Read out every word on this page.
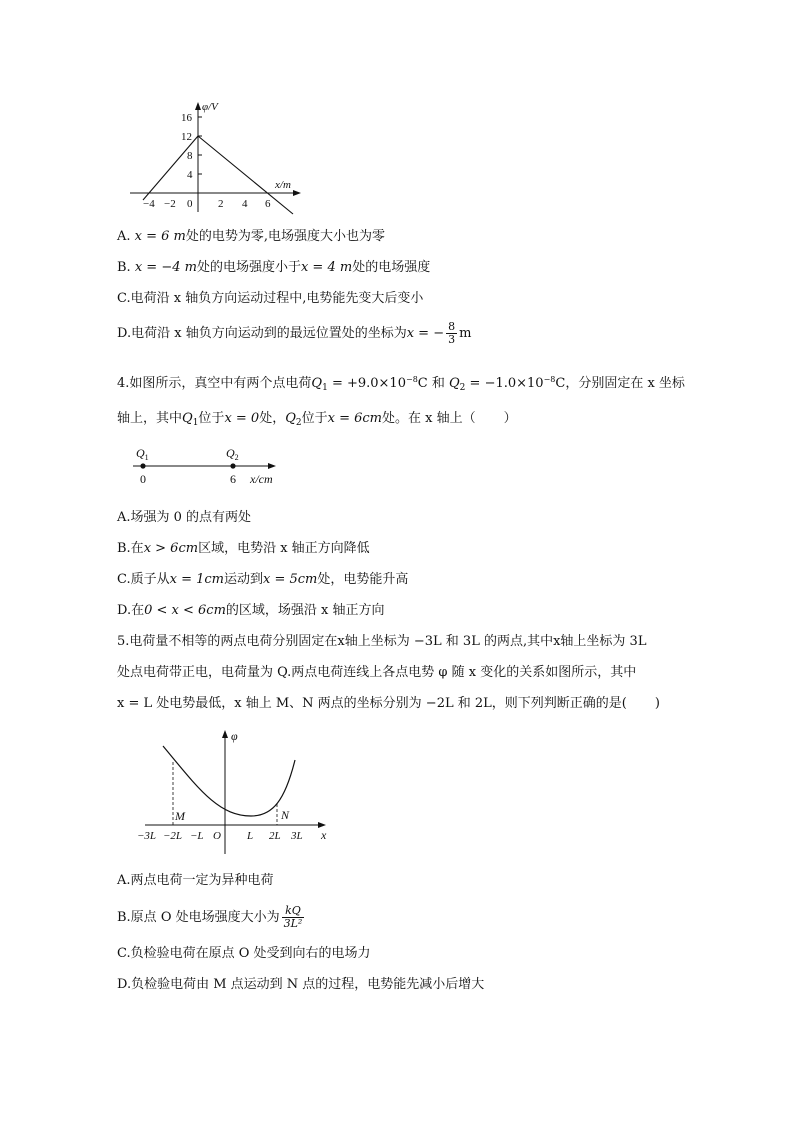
φ/V
x/m
16
12
8
4
−4 −2 0 2 4 6
A. x = 6 m处的电势为零,电场强度大小也为零
B. x = −4 m处的电场强度小于x = 4 m处的电场强度
C.电荷沿 x 轴负方向运动过程中,电势能先变大后变小
D.电荷沿 x 轴负方向运动到的最远位置处的坐标为x = − $\frac{8}{3}$ m
4.如图所示，真空中有两个点电荷$Q_1 = +9.0\times 10^{-8}C$ 和 $Q_2 = -1.0\times 10^{-8}C$，分别固定在 x 坐标
轴上，其中$Q_1$位于x = 0处，$Q_2$位于x = 6cm处。在 x 轴上（ ）
$Q_1$	$Q_2$
0	6 x/cm
A.场强为 0 的点有两处
B.在x > 6cm区域，电势沿 x 轴正方向降低
C.质子从x = 1cm运动到x = 5cm处，电势能升高
D.在0 < x < 6cm的区域，场强沿 x 轴正方向
5.电荷量不相等的两点电荷分别固定在x轴上坐标为 −3L 和 3L 的两点,其中x轴上坐标为 3L
处点电荷带正电，电荷量为 Q.两点电荷连线上各点电势 φ 随 x 变化的关系如图所示，其中
x = L 处电势最低，x 轴上 M、N 两点的坐标分别为 −2L 和 2L，则下列判断正确的是( )
φ
M	N
x
−3L −2L −L O L 2L 3L
A.两点电荷一定为异种电荷
B.原点 O 处电场强度大小为 $\frac{kQ}{\text{3L²}}$
C.负检验电荷在原点 O 处受到向右的电场力
D.负检验电荷由 M 点运动到 N 点的过程，电势能先减小后增大
